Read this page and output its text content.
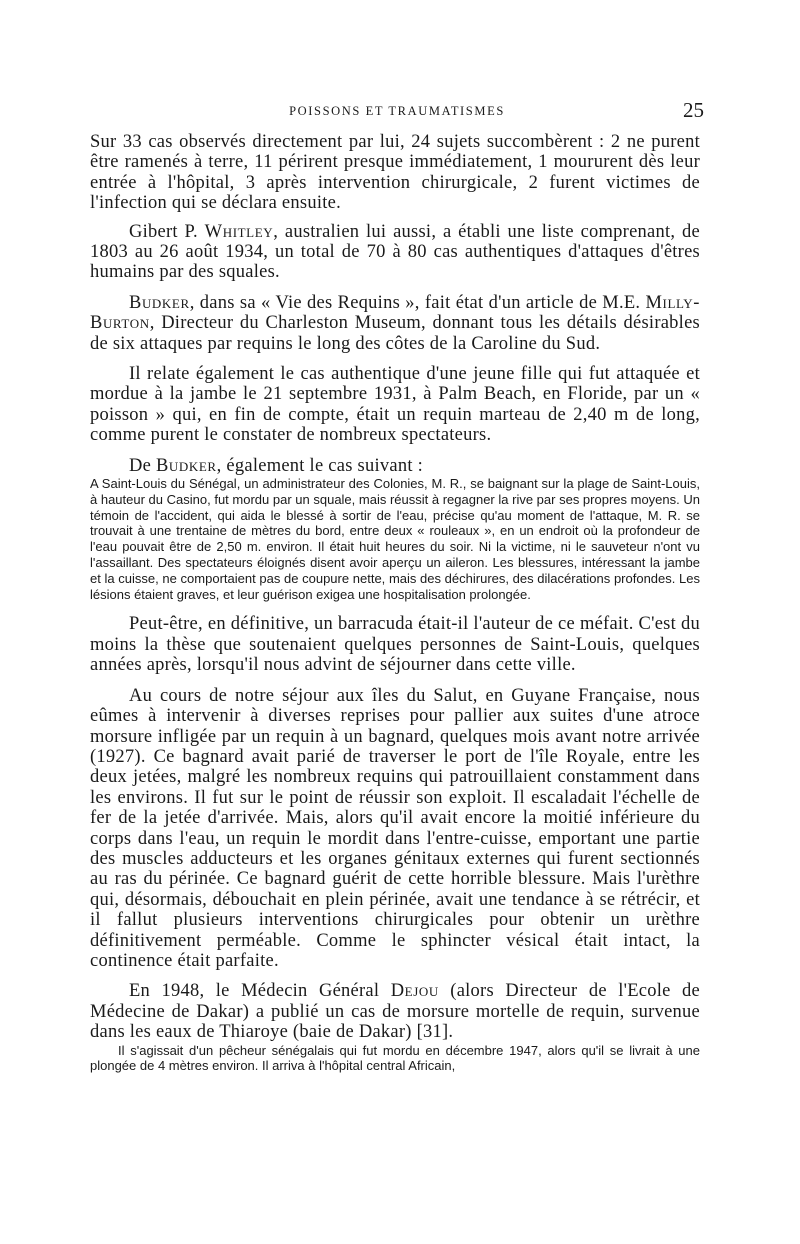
POISSONS ET TRAUMATISMES	25

Sur 33 cas observés directement par lui, 24 sujets succombèrent : 2 ne purent être ramenés à terre, 11 périrent presque immédiatement, 1 moururent dès leur entrée à l'hôpital, 3 après intervention chirurgicale, 2 furent victimes de l'infection qui se déclara ensuite.

Gibert P. Whitley, australien lui aussi, a établi une liste comprenant, de 1803 au 26 août 1934, un total de 70 à 80 cas authentiques d'attaques d'êtres humains par des squales.

Budker, dans sa « Vie des Requins », fait état d'un article de M.E. Milly-Burton, Directeur du Charleston Museum, donnant tous les détails désirables de six attaques par requins le long des côtes de la Caroline du Sud.

Il relate également le cas authentique d'une jeune fille qui fut attaquée et mordue à la jambe le 21 septembre 1931, à Palm Beach, en Floride, par un « poisson » qui, en fin de compte, était un requin marteau de 2,40 m de long, comme purent le constater de nombreux spectateurs.

De Budker, également le cas suivant :

A Saint-Louis du Sénégal, un administrateur des Colonies, M. R., se baignant sur la plage de Saint-Louis, à hauteur du Casino, fut mordu par un squale, mais réussit à regagner la rive par ses propres moyens. Un témoin de l'accident, qui aida le blessé à sortir de l'eau, précise qu'au moment de l'attaque, M. R. se trouvait à une trentaine de mètres du bord, entre deux « rouleaux », en un endroit où la profondeur de l'eau pouvait être de 2,50 m. environ. Il était huit heures du soir. Ni la victime, ni le sauveteur n'ont vu l'assaillant. Des spectateurs éloignés disent avoir aperçu un aileron. Les blessures, intéressant la jambe et la cuisse, ne comportaient pas de coupure nette, mais des déchirures, des dilacérations profondes. Les lésions étaient graves, et leur guérison exigea une hospitalisation prolongée.

Peut-être, en définitive, un barracuda était-il l'auteur de ce méfait. C'est du moins la thèse que soutenaient quelques personnes de Saint-Louis, quelques années après, lorsqu'il nous advint de séjourner dans cette ville.

Au cours de notre séjour aux îles du Salut, en Guyane Française, nous eûmes à intervenir à diverses reprises pour pallier aux suites d'une atroce morsure infligée par un requin à un bagnard, quelques mois avant notre arrivée (1927). Ce bagnard avait parié de traverser le port de l'île Royale, entre les deux jetées, malgré les nombreux requins qui patrouillaient constamment dans les environs. Il fut sur le point de réussir son exploit. Il escaladait l'échelle de fer de la jetée d'arrivée. Mais, alors qu'il avait encore la moitié inférieure du corps dans l'eau, un requin le mordit dans l'entre-cuisse, emportant une partie des muscles adducteurs et les organes génitaux externes qui furent sectionnés au ras du périnée. Ce bagnard guérit de cette horrible blessure. Mais l'urèthre qui, désormais, débouchait en plein périnée, avait une tendance à se rétrécir, et il fallut plusieurs interventions chirurgicales pour obtenir un urèthre définitivement perméable. Comme le sphincter vésical était intact, la continence était parfaite.

En 1948, le Médecin Général Dejou (alors Directeur de l'Ecole de Médecine de Dakar) a publié un cas de morsure mortelle de requin, survenue dans les eaux de Thiaroye (baie de Dakar) [31].

Il s'agissait d'un pêcheur sénégalais qui fut mordu en décembre 1947, alors qu'il se livrait à une plongée de 4 mètres environ. Il arriva à l'hôpital central Africain,
